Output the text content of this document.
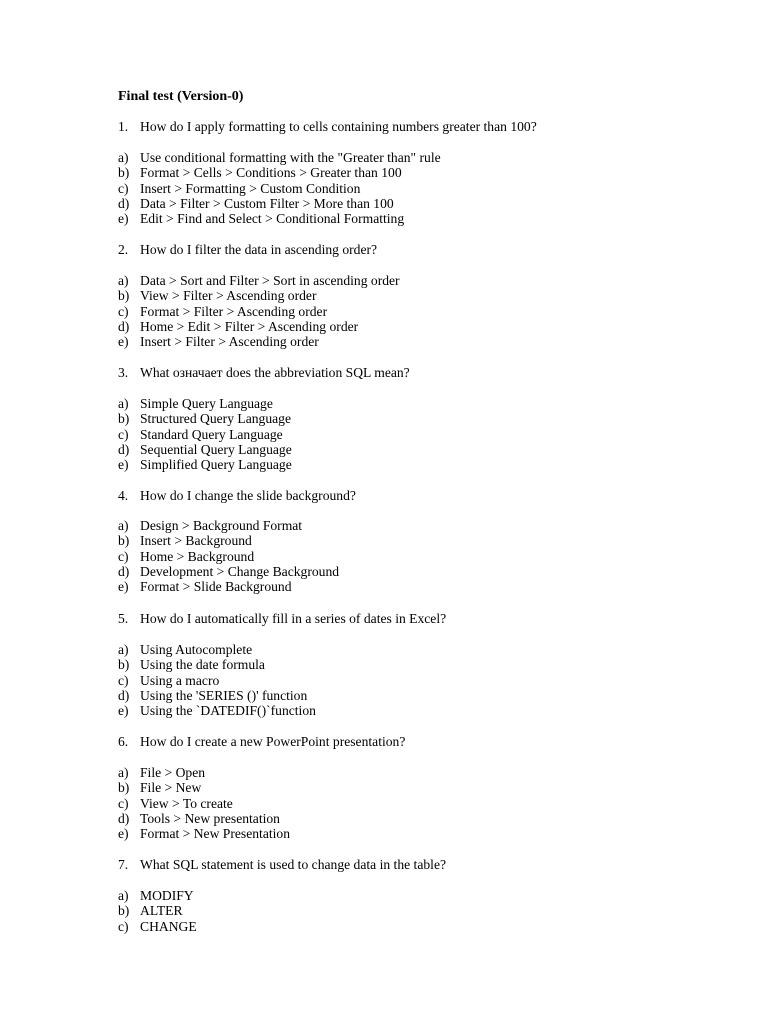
Final test (Version-0)
1. How do I apply formatting to cells containing numbers greater than 100?
a) Use conditional formatting with the "Greater than" rule
b) Format > Cells > Conditions > Greater than 100
c) Insert > Formatting > Custom Condition
d) Data > Filter > Custom Filter > More than 100
e) Edit > Find and Select > Conditional Formatting
2. How do I filter the data in ascending order?
a) Data > Sort and Filter > Sort in ascending order
b) View > Filter > Ascending order
c) Format > Filter > Ascending order
d) Home > Edit > Filter > Ascending order
e) Insert > Filter > Ascending order
3. What означает does the abbreviation SQL mean?
a) Simple Query Language
b) Structured Query Language
c) Standard Query Language
d) Sequential Query Language
e) Simplified Query Language
4. How do I change the slide background?
a) Design > Background Format
b) Insert > Background
c) Home > Background
d) Development > Change Background
e) Format > Slide Background
5. How do I automatically fill in a series of dates in Excel?
a) Using Autocomplete
b) Using the date formula
c) Using a macro
d) Using the 'SERIES ()' function
e) Using the `DATEDIF()`function
6. How do I create a new PowerPoint presentation?
a) File > Open
b) File > New
c) View > To create
d) Tools > New presentation
e) Format > New Presentation
7. What SQL statement is used to change data in the table?
a) MODIFY
b) ALTER
c) CHANGE
